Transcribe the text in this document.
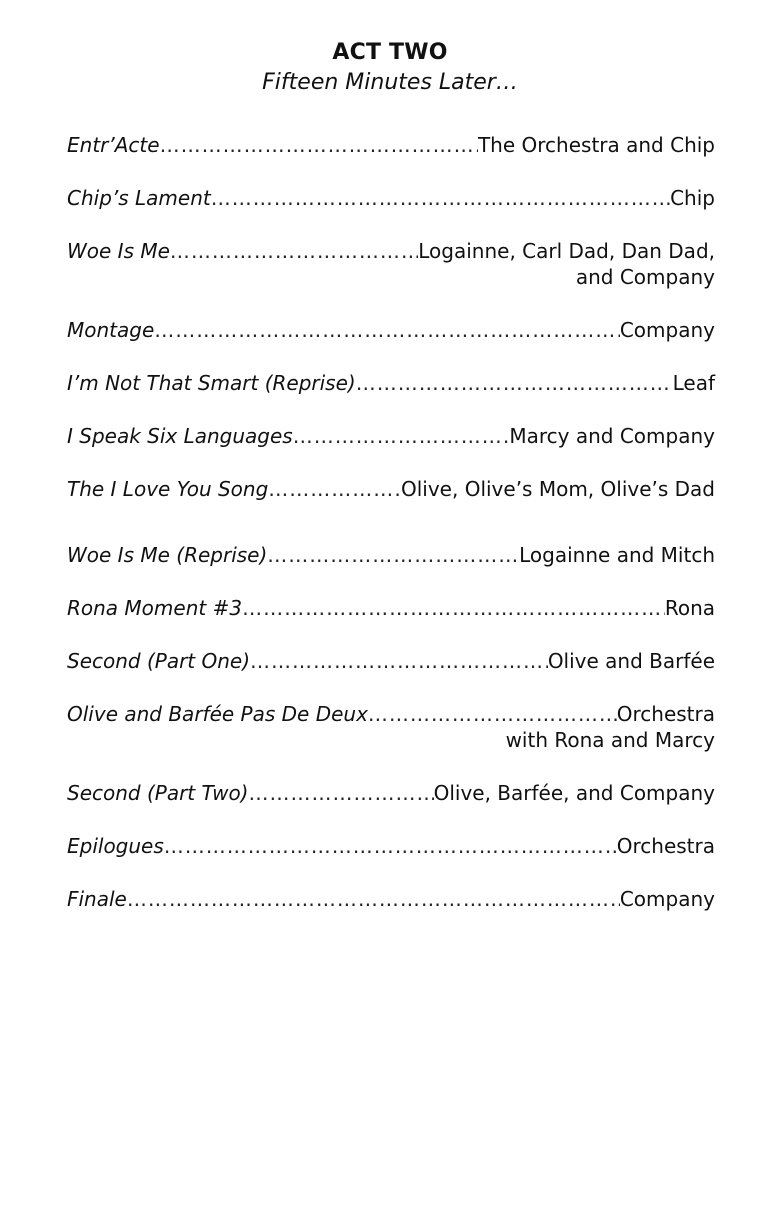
ACT TWO
Fifteen Minutes Later…
Entr’Acte …………………………………………………………………………………………………………………………………………	The Orchestra and Chip
Chip’s Lament …………………………………………………………………………………………………………………………………………	Chip
Woe Is Me …………………………………………………………………………………………………………………………………………	Logainne, Carl Dad, Dan Dad,
and Company
Montage …………………………………………………………………………………………………………………………………………	Company
I’m Not That Smart (Reprise) …………………………………………………………………………………………………………………………………………	Leaf
I Speak Six Languages …………………………………………………………………………………………………………………………………………	Marcy and Company
The I Love You Song …………………………………………………………………………………………………………………………………………	Olive, Olive’s Mom, Olive’s Dad
Woe Is Me (Reprise) …………………………………………………………………………………………………………………………………………	Logainne and Mitch
Rona Moment #3 …………………………………………………………………………………………………………………………………………	Rona
Second (Part One) …………………………………………………………………………………………………………………………………………	Olive and Barfée
Olive and Barfée Pas De Deux …………………………………………………………………………………………………………………………………………	Orchestra
with Rona and Marcy
Second (Part Two) …………………………………………………………………………………………………………………………………………	Olive, Barfée, and Company
Epilogues …………………………………………………………………………………………………………………………………………	Orchestra
Finale …………………………………………………………………………………………………………………………………………	Company
